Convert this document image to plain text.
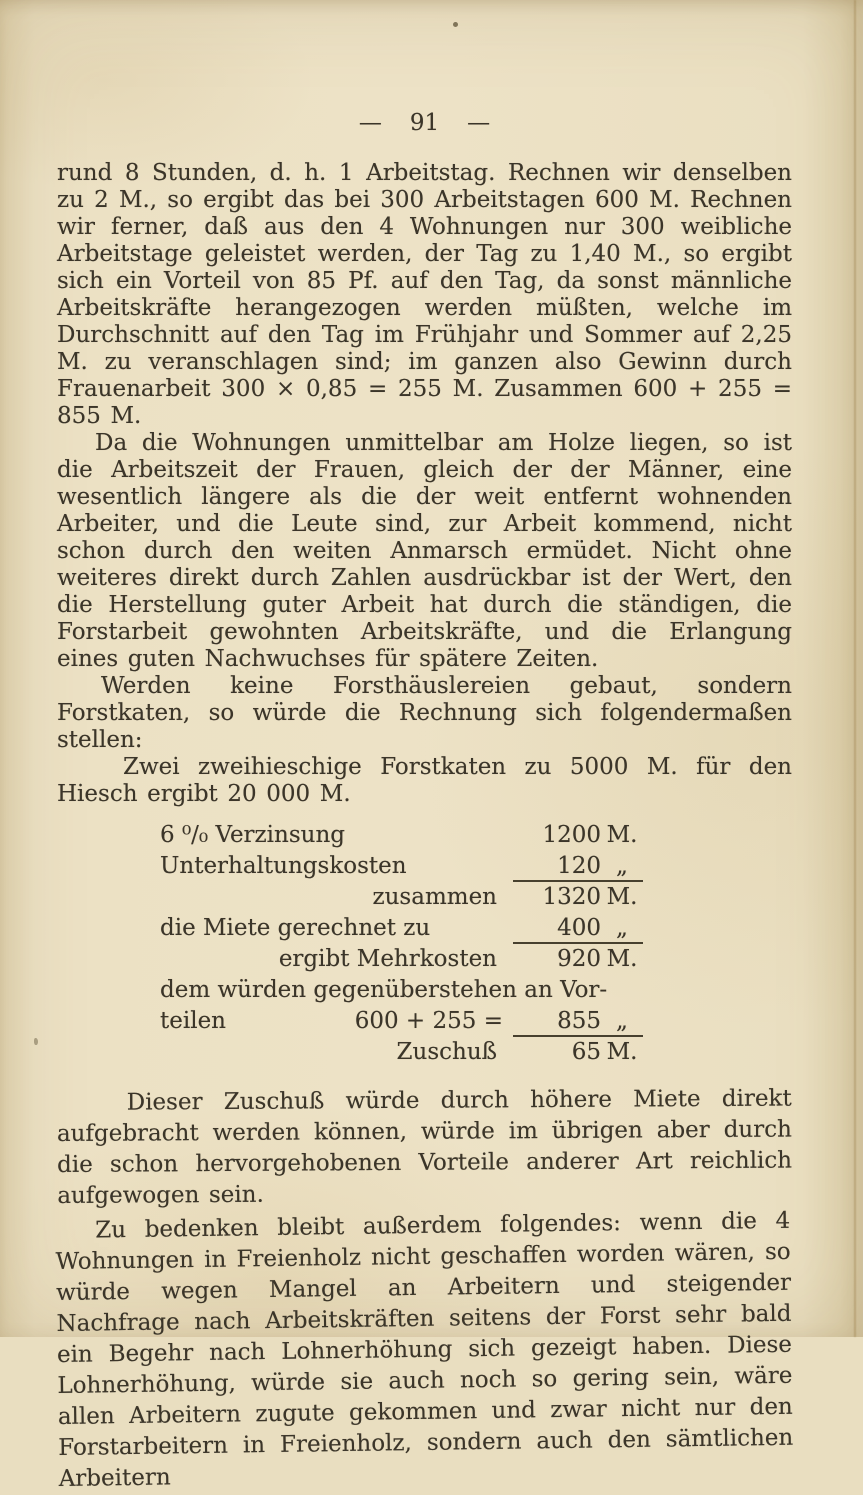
— 91 —

rund 8 Stunden, d. h. 1 Arbeitstag. Rechnen wir denselben zu 2 M., so ergibt das bei 300 Arbeitstagen 600 M. Rechnen wir ferner, daß aus den 4 Wohnungen nur 300 weibliche Arbeitstage geleistet werden, der Tag zu 1,40 M., so ergibt sich ein Vorteil von 85 Pf. auf den Tag, da sonst männliche Arbeitskräfte herangezogen werden müßten, welche im Durchschnitt auf den Tag im Frühjahr und Sommer auf 2,25 M. zu veranschlagen sind; im ganzen also Gewinn durch Frauenarbeit 300 × 0,85 = 255 M. Zusammen 600 + 255 = 855 M.

Da die Wohnungen unmittelbar am Holze liegen, so ist die Arbeitszeit der Frauen, gleich der der Männer, eine wesentlich längere als die der weit entfernt wohnenden Arbeiter, und die Leute sind, zur Arbeit kommend, nicht schon durch den weiten Anmarsch ermüdet. Nicht ohne weiteres direkt durch Zahlen ausdrückbar ist der Wert, den die Herstellung guter Arbeit hat durch die ständigen, die Forstarbeit gewohnten Arbeitskräfte, und die Erlangung eines guten Nachwuchses für spätere Zeiten.

Werden keine Forsthäuslereien gebaut, sondern Forstkaten, so würde die Rechnung sich folgendermaßen stellen:

Zwei zweihieschige Forstkaten zu 5000 M. für den Hiesch ergibt 20 000 M.

6 ⁰/₀ Verzinsung	1200 M.
Unterhaltungskosten	120 „
zusammen	1320 M.
die Miete gerechnet zu	400 „
ergibt Mehrkosten	920 M.
dem würden gegenüberstehen an Vor-
teilen	600 + 255 =	855 „
Zuschuß	65 M.

Dieser Zuschuß würde durch höhere Miete direkt aufgebracht werden können, würde im übrigen aber durch die schon hervorgehobenen Vorteile anderer Art reichlich aufgewogen sein.

Zu bedenken bleibt außerdem folgendes: wenn die 4 Wohnungen in Freienholz nicht geschaffen worden wären, so würde wegen Mangel an Arbeitern und steigender Nachfrage nach Arbeitskräften seitens der Forst sehr bald ein Begehr nach Lohnerhöhung sich gezeigt haben. Diese Lohnerhöhung, würde sie auch noch so gering sein, wäre allen Arbeitern zugute gekommen und zwar nicht nur den Forstarbeitern in Freienholz, sondern auch den sämtlichen Arbeitern
